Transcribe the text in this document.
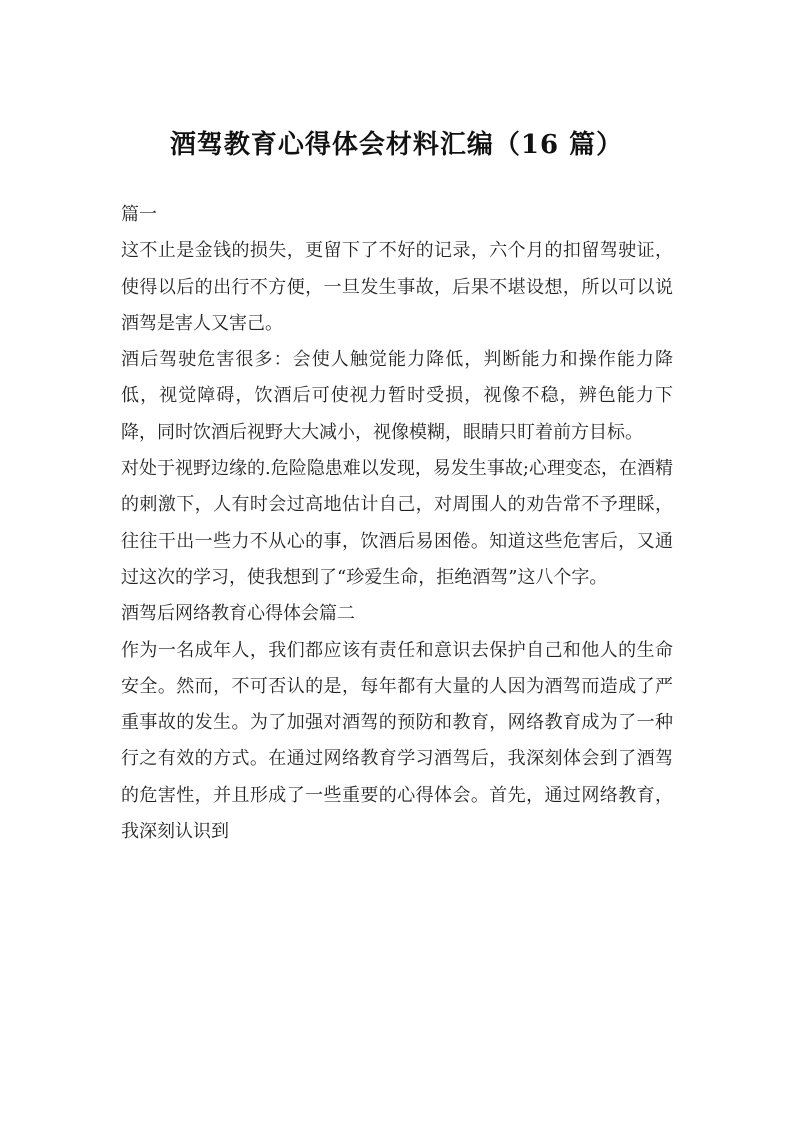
酒驾教育心得体会材料汇编（16 篇）

篇一

这不止是金钱的损失，更留下了不好的记录，六个月的扣留驾驶证，使得以后的出行不方便，一旦发生事故，后果不堪设想，所以可以说酒驾是害人又害己。

酒后驾驶危害很多：会使人触觉能力降低，判断能力和操作能力降低，视觉障碍，饮酒后可使视力暂时受损，视像不稳，辨色能力下降，同时饮酒后视野大大减小，视像模糊，眼睛只盯着前方目标。

对处于视野边缘的.危险隐患难以发现，易发生事故;心理变态，在酒精的刺激下，人有时会过高地估计自己，对周围人的劝告常不予理睬，往往干出一些力不从心的事，饮酒后易困倦。知道这些危害后，又通过这次的学习，使我想到了“珍爱生命，拒绝酒驾”这八个字。

酒驾后网络教育心得体会篇二

作为一名成年人，我们都应该有责任和意识去保护自己和他人的生命安全。然而，不可否认的是，每年都有大量的人因为酒驾而造成了严重事故的发生。为了加强对酒驾的预防和教育，网络教育成为了一种行之有效的方式。在通过网络教育学习酒驾后，我深刻体会到了酒驾的危害性，并且形成了一些重要的心得体会。首先，通过网络教育，我深刻认识到
